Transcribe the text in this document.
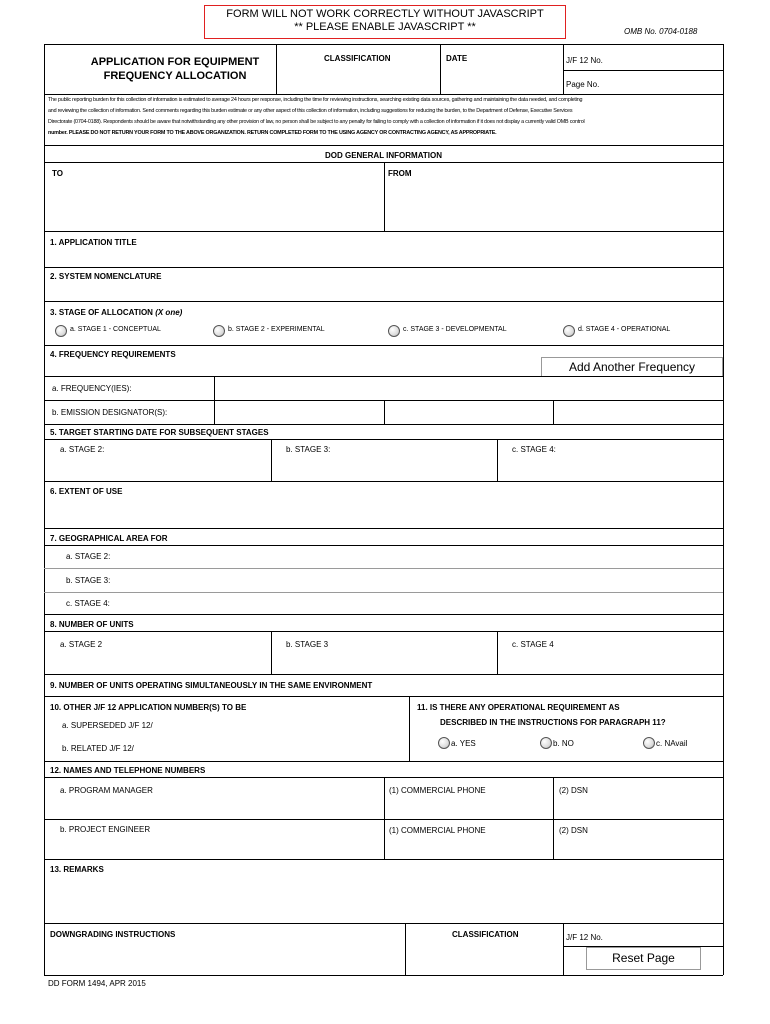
FORM WILL NOT WORK CORRECTLY WITHOUT JAVASCRIPT
** PLEASE ENABLE JAVASCRIPT **	OMB No. 0704-0188
APPLICATION FOR EQUIPMENT
FREQUENCY ALLOCATION
CLASSIFICATION	DATE	J/F 12 No.
Page No.
The public reporting burden for this collection of information is estimated to average 24 hours per response, including the time for reviewing instructions, searching existing data sources, gathering and maintaining the data needed, and completing
and reviewing the collection of information. Send comments regarding this burden estimate or any other aspect of this collection of information, including suggestions for reducing the burden, to the Department of Defense, Executive Services
Directorate (0704-0188). Respondents should be aware that notwithstanding any other provision of law, no person shall be subject to any penalty for failing to comply with a collection of information if it does not display a currently valid OMB control
number. PLEASE DO NOT RETURN YOUR FORM TO THE ABOVE ORGANIZATION. RETURN COMPLETED FORM TO THE USING AGENCY OR CONTRACTING AGENCY, AS APPROPRIATE.
DOD GENERAL INFORMATION
TO	FROM
1. APPLICATION TITLE
2. SYSTEM NOMENCLATURE
3. STAGE OF ALLOCATION (X one)
a. STAGE 1 - CONCEPTUAL	b. STAGE 2 - EXPERIMENTAL	c. STAGE 3 - DEVELOPMENTAL	d. STAGE 4 - OPERATIONAL
4. FREQUENCY REQUIREMENTS
Add Another Frequency
a. FREQUENCY(IES):
b. EMISSION DESIGNATOR(S):
5. TARGET STARTING DATE FOR SUBSEQUENT STAGES
a. STAGE 2:	b. STAGE 3:	c. STAGE 4:
6. EXTENT OF USE
7. GEOGRAPHICAL AREA FOR
a. STAGE 2:
b. STAGE 3:
c. STAGE 4:
8. NUMBER OF UNITS
a. STAGE 2	b. STAGE 3	c. STAGE 4
9. NUMBER OF UNITS OPERATING SIMULTANEOUSLY IN THE SAME ENVIRONMENT
10. OTHER J/F 12 APPLICATION NUMBER(S) TO BE
a. SUPERSEDED J/F 12/
b. RELATED J/F 12/
11. IS THERE ANY OPERATIONAL REQUIREMENT AS
DESCRIBED IN THE INSTRUCTIONS FOR PARAGRAPH 11?
a. YES	b. NO	c. NAvail
12. NAMES AND TELEPHONE NUMBERS
a. PROGRAM MANAGER	(1) COMMERCIAL PHONE	(2) DSN
b. PROJECT ENGINEER	(1) COMMERCIAL PHONE	(2) DSN
13. REMARKS
DOWNGRADING INSTRUCTIONS	CLASSIFICATION	J/F 12 No.
Reset Page
DD FORM 1494, APR 2015
